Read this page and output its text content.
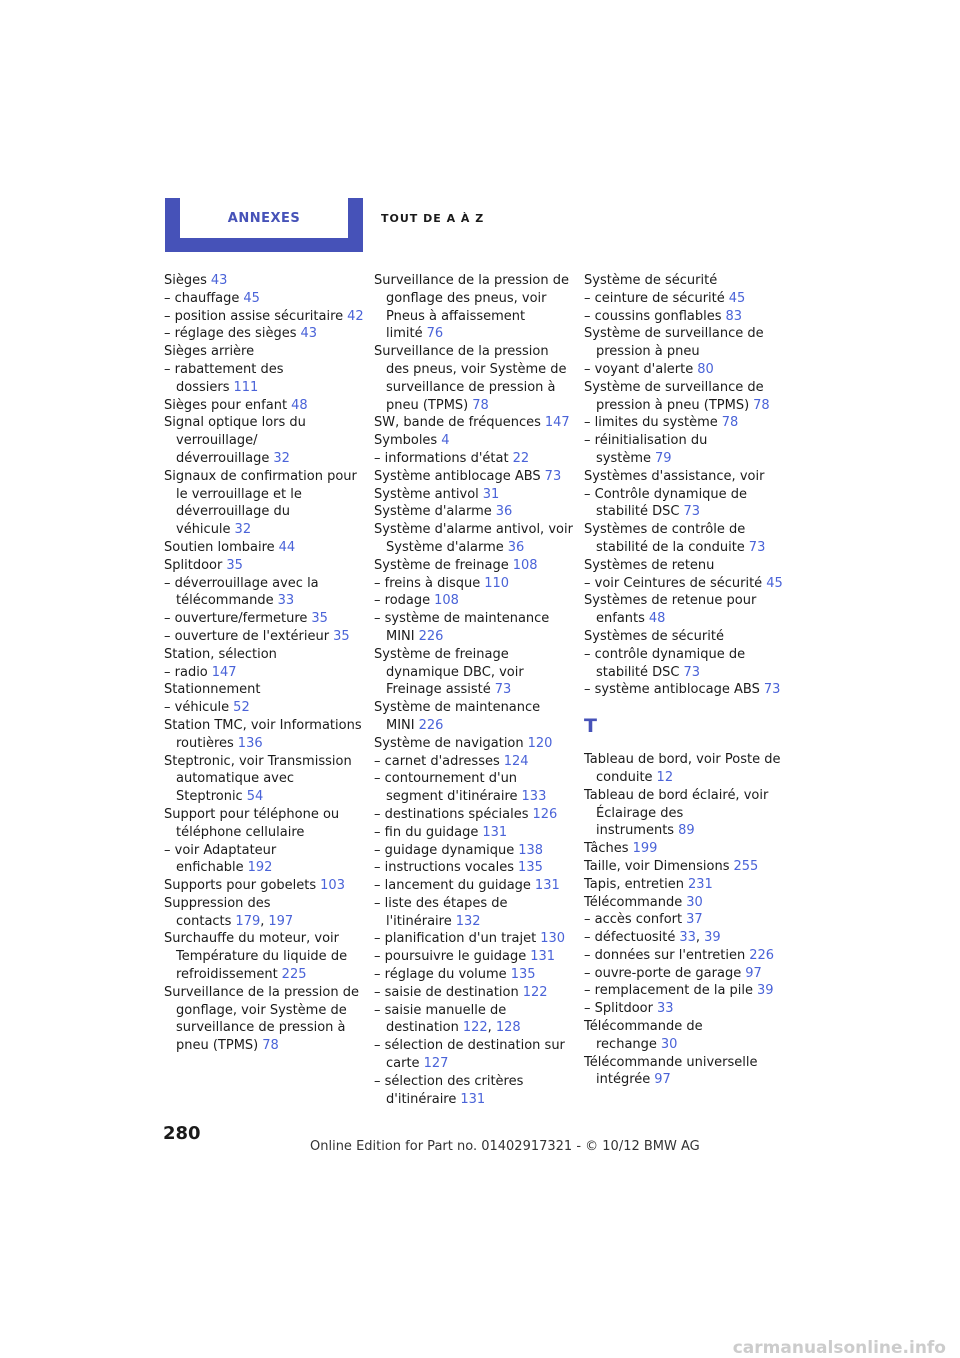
ANNEXES	TOUT DE A À Z
Sièges 43
– chauffage 45
– position assise sécuritaire 42
– réglage des sièges 43
Sièges arrière
– rabattement des dossiers 111
Sièges pour enfant 48
Signal optique lors du verrouillage/ déverrouillage 32
Signaux de confirmation pour le verrouillage et le déverrouillage du véhicule 32
Soutien lombaire 44
Splitdoor 35
– déverrouillage avec la télécommande 33
– ouverture/fermeture 35
– ouverture de l'extérieur 35
Station, sélection
– radio 147
Stationnement
– véhicule 52
Station TMC, voir Informations routières 136
Steptronic, voir Transmission automatique avec Steptronic 54
Support pour téléphone ou téléphone cellulaire
– voir Adaptateur enfichable 192
Supports pour gobelets 103
Suppression des contacts 179, 197
Surchauffe du moteur, voir Température du liquide de refroidissement 225
Surveillance de la pression de gonflage, voir Système de surveillance de pression à pneu (TPMS) 78
Surveillance de la pression de gonflage des pneus, voir Pneus à affaissement limité 76
Surveillance de la pression des pneus, voir Système de surveillance de pression à pneu (TPMS) 78
SW, bande de fréquences 147
Symboles 4
– informations d'état 22
Système antiblocage ABS 73
Système antivol 31
Système d'alarme 36
Système d'alarme antivol, voir Système d'alarme 36
Système de freinage 108
– freins à disque 110
– rodage 108
– système de maintenance MINI 226
Système de freinage dynamique DBC, voir Freinage assisté 73
Système de maintenance MINI 226
Système de navigation 120
– carnet d'adresses 124
– contournement d'un segment d'itinéraire 133
– destinations spéciales 126
– fin du guidage 131
– guidage dynamique 138
– instructions vocales 135
– lancement du guidage 131
– liste des étapes de l'itinéraire 132
– planification d'un trajet 130
– poursuivre le guidage 131
– réglage du volume 135
– saisie de destination 122
– saisie manuelle de destination 122, 128
– sélection de destination sur carte 127
– sélection des critères d'itinéraire 131
Système de sécurité
– ceinture de sécurité 45
– coussins gonflables 83
Système de surveillance de pression à pneu
– voyant d'alerte 80
Système de surveillance de pression à pneu (TPMS) 78
– limites du système 78
– réinitialisation du système 79
Systèmes d'assistance, voir
– Contrôle dynamique de stabilité DSC 73
Systèmes de contrôle de stabilité de la conduite 73
Systèmes de retenu
– voir Ceintures de sécurité 45
Systèmes de retenue pour enfants 48
Systèmes de sécurité
– contrôle dynamique de stabilité DSC 73
– système antiblocage ABS 73
T
Tableau de bord, voir Poste de conduite 12
Tableau de bord éclairé, voir Éclairage des instruments 89
Tâches 199
Taille, voir Dimensions 255
Tapis, entretien 231
Télécommande 30
– accès confort 37
– défectuosité 33, 39
– données sur l'entretien 226
– ouvre-porte de garage 97
– remplacement de la pile 39
– Splitdoor 33
Télécommande de rechange 30
Télécommande universelle intégrée 97
280
Online Edition for Part no. 01402917321 - © 10/12 BMW AG
carmanualsonline.info
